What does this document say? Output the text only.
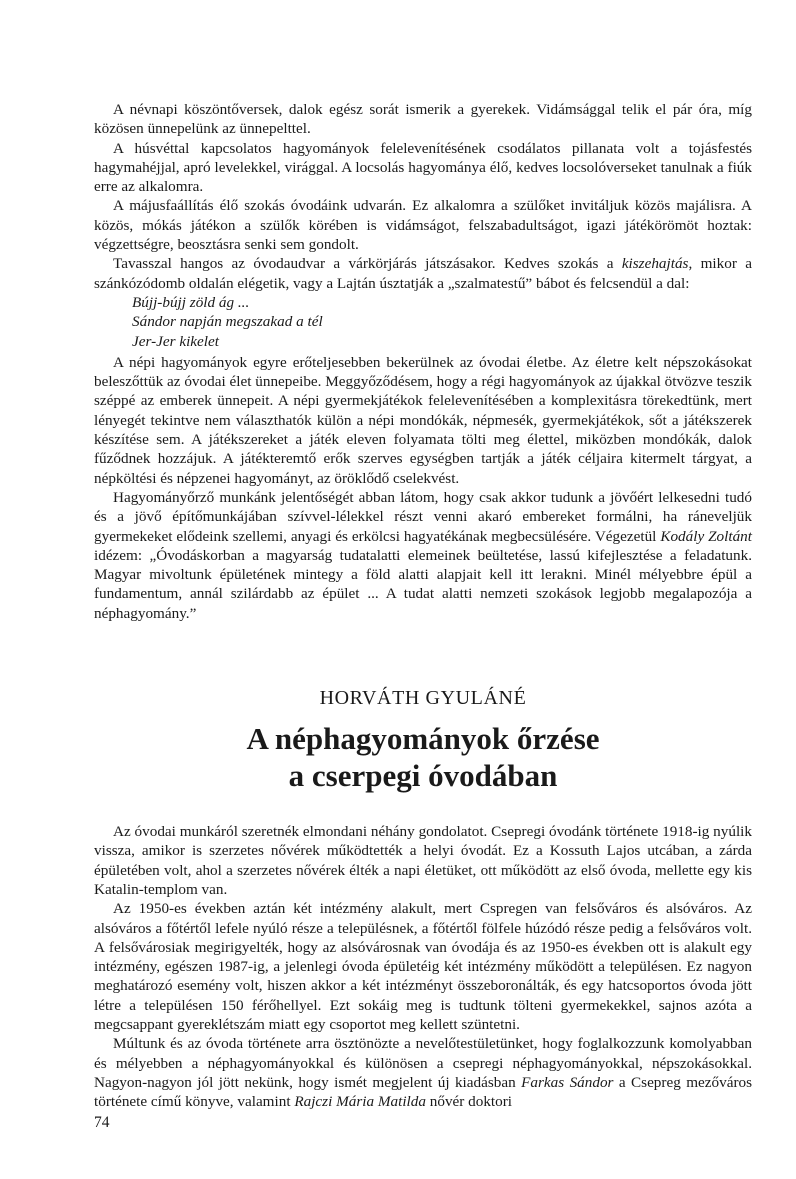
A névnapi köszöntőversek, dalok egész sorát ismerik a gyerekek. Vidámsággal telik el pár óra, míg közösen ünnepelünk az ünnepelttel.

A húsvéttal kapcsolatos hagyományok felelevenítésének csodálatos pillanata volt a tojásfestés hagymahéjjal, apró levelekkel, virággal. A locsolás hagyománya élő, kedves locsolóverseket tanulnak a fiúk erre az alkalomra.

A májusfaállítás élő szokás óvodáink udvarán. Ez alkalomra a szülőket invitáljuk közös majálisra. A közös, mókás játékon a szülők körében is vidámságot, felszabadultságot, igazi játékörömöt hoztak: végzettségre, beosztásra senki sem gondolt.

Tavasszal hangos az óvodaudvar a várkörjárás játszásakor. Kedves szokás a kiszehajtás, mikor a szánkózódomb oldalán elégetik, vagy a Lajtán úsztatják a „szalmatestű” bábot és felcsendül a dal:

Bújj-bújj zöld ág ...

Sándor napján megszakad a tél

Jer-Jer kikelet

A népi hagyományok egyre erőteljesebben bekerülnek az óvodai életbe. Az életre kelt népszokásokat beleszőttük az óvodai élet ünnepeibe. Meggyőződésem, hogy a régi hagyományok az újakkal ötvözve teszik széppé az emberek ünnepeit. A népi gyermekjátékok felelevenítésében a komplexitásra törekedtünk, mert lényegét tekintve nem választhatók külön a népi mondókák, népmesék, gyermekjátékok, sőt a játékszerek készítése sem. A játékszereket a játék eleven folyamata tölti meg élettel, miközben mondókák, dalok fűződnek hozzájuk. A játékteremtő erők szerves egységben tartják a játék céljaira kitermelt tárgyat, a népköltési és népzenei hagyományt, az öröklődő cselekvést.

Hagyományőrző munkánk jelentőségét abban látom, hogy csak akkor tudunk a jövőért lelkesedni tudó és a jövő építőmunkájában szívvel-lélekkel részt venni akaró embereket formálni, ha ráneveljük gyermekeket elődeink szellemi, anyagi és erkölcsi hagyatékának megbecsülésére. Végezetül Kodály Zoltánt idézem: „Óvodáskorban a magyarság tudatalatti elemeinek beültetése, lassú kifejlesztése a feladatunk. Magyar mivoltunk épületének mintegy a föld alatti alapjait kell itt lerakni. Minél mélyebbre épül a fundamentum, annál szilárdabb az épület ... A tudat alatti nemzeti szokások legjobb megalapozója a néphagyomány.”

HORVÁTH GYULÁNÉ
A néphagyományok őrzése
a cserpegi óvodában

Az óvodai munkáról szeretnék elmondani néhány gondolatot. Csepregi óvodánk története 1918-ig nyúlik vissza, amikor is szerzetes nővérek működtették a helyi óvodát. Ez a Kossuth Lajos utcában, a zárda épületében volt, ahol a szerzetes nővérek élték a napi életüket, ott működött az első óvoda, mellette egy kis Katalin-templom van.

Az 1950-es években aztán két intézmény alakult, mert Cspregen van felsőváros és alsóváros. Az alsóváros a főtértől lefele nyúló része a településnek, a főtértől fölfele húzódó része pedig a felsőváros volt. A felsővárosiak megirigyelték, hogy az alsóvárosnak van óvodája és az 1950-es években ott is alakult egy intézmény, egészen 1987-ig, a jelenlegi óvoda épületéig két intézmény működött a településen. Ez nagyon meghatározó esemény volt, hiszen akkor a két intézményt összeboronálták, és egy hatcsoportos óvoda jött létre a településen 150 férőhellyel. Ezt sokáig meg is tudtunk tölteni gyermekekkel, sajnos azóta a megcsappant gyereklétszám miatt egy csoportot meg kellett szüntetni.

Múltunk és az óvoda története arra ösztönözte a nevelőtestületünket, hogy foglalkozzunk komolyabban és mélyebben a néphagyományokkal és különösen a csepregi néphagyományokkal, népszokásokkal. Nagyon-nagyon jól jött nekünk, hogy ismét megjelent új kiadásban Farkas Sándor a Csepreg mezőváros története című könyve, valamint Rajczi Mária Matilda nővér doktori

74
